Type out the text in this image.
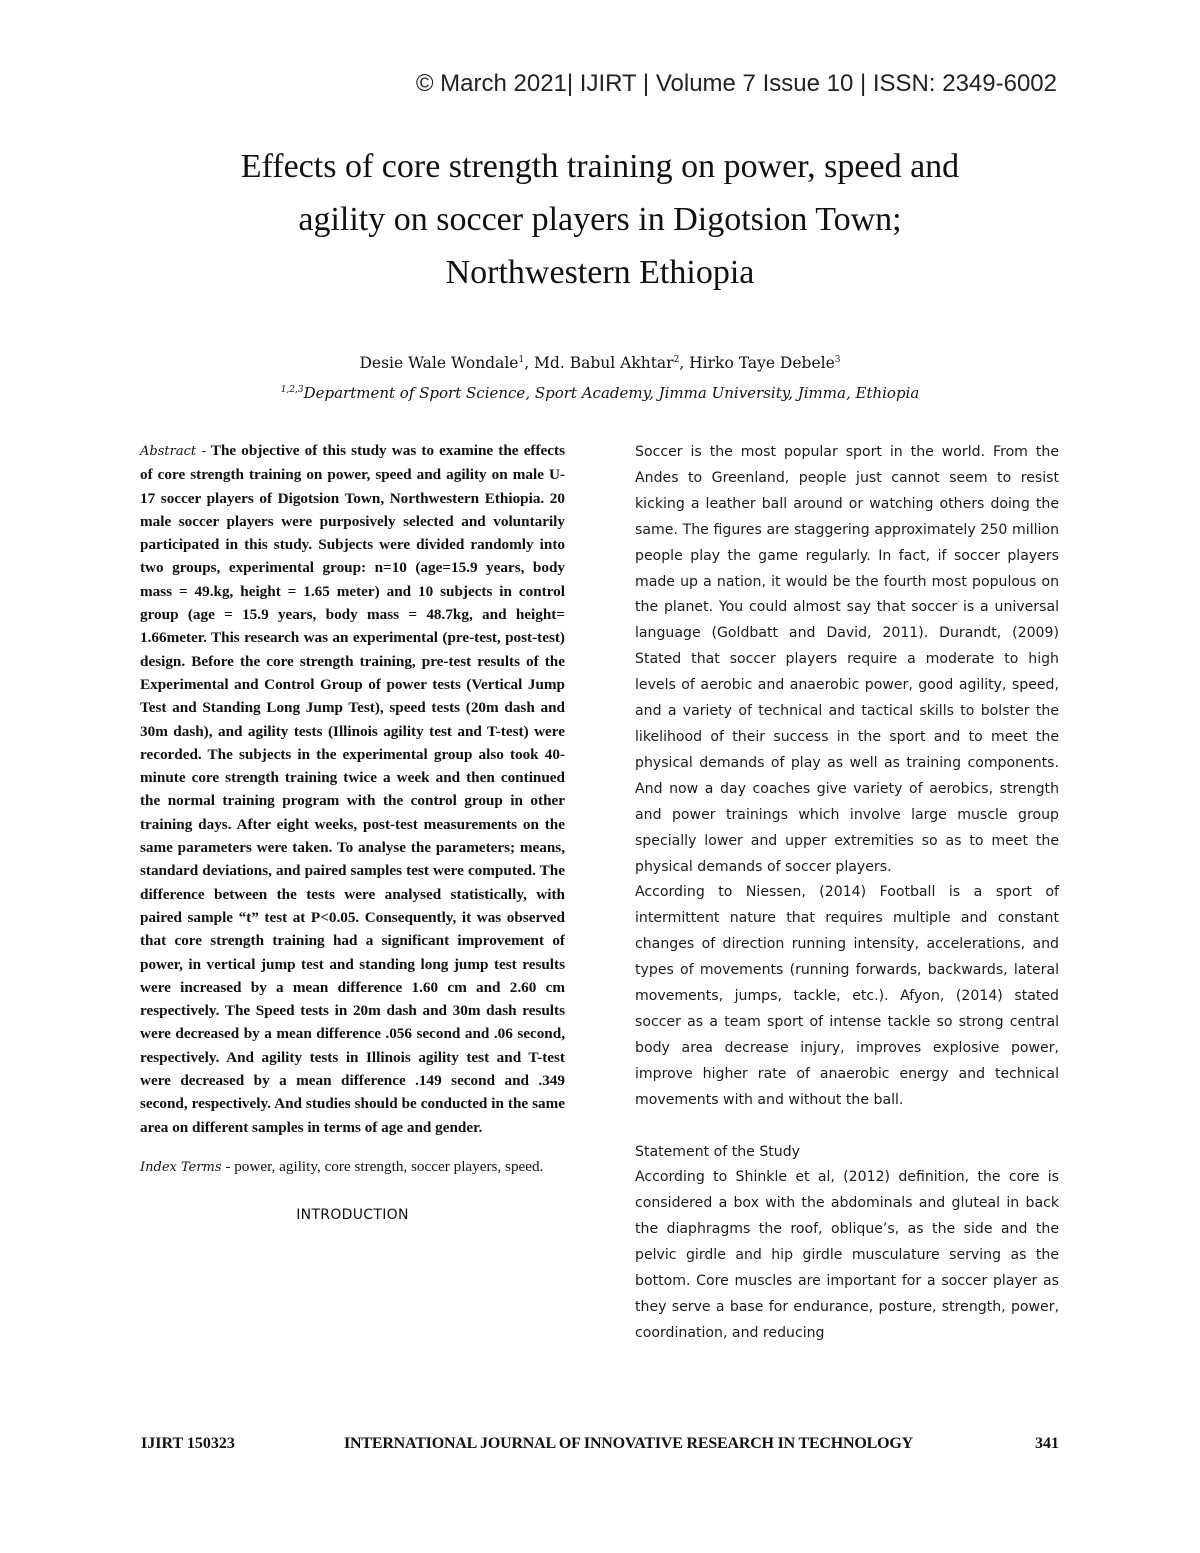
© March 2021| IJIRT | Volume 7 Issue 10 | ISSN: 2349-6002
Effects of core strength training on power, speed and
agility on soccer players in Digotsion Town;
Northwestern Ethiopia
Desie Wale Wondale$^1$, Md. Babul Akhtar$^2$, Hirko Taye Debele$^3$
$^{1,2,3}$Department of Sport Science, Sport Academy, Jimma University, Jimma, Ethiopia

Abstract - The objective of this study was to examine the effects of core strength training on power, speed and agility on male U-17 soccer players of Digotsion Town, Northwestern Ethiopia. 20 male soccer players were purposively selected and voluntarily participated in this study. Subjects were divided randomly into two groups, experimental group: n=10 (age=15.9 years, body mass = 49.kg, height = 1.65 meter) and 10 subjects in control group (age = 15.9 years, body mass = 48.7kg, and height= 1.66meter. This research was an experimental (pre-test, post-test) design. Before the core strength training, pre-test results of the Experimental and Control Group of power tests (Vertical Jump Test and Standing Long Jump Test), speed tests (20m dash and 30m dash), and agility tests (Illinois agility test and T-test) were recorded. The subjects in the experimental group also took 40-minute core strength training twice a week and then continued the normal training program with the control group in other training days. After eight weeks, post-test measurements on the same parameters were taken. To analyse the parameters; means, standard deviations, and paired samples test were computed. The difference between the tests were analysed statistically, with paired sample “t” test at P<0.05. Consequently, it was observed that core strength training had a significant improvement of power, in vertical jump test and standing long jump test results were increased by a mean difference 1.60 cm and 2.60 cm respectively. The Speed tests in 20m dash and 30m dash results were decreased by a mean difference .056 second and .06 second, respectively. And agility tests in Illinois agility test and T-test were decreased by a mean difference .149 second and .349 second, respectively. And studies should be conducted in the same area on different samples in terms of age and gender.

Index Terms - power, agility, core strength, soccer players, speed.

INTRODUCTION

Soccer is the most popular sport in the world. From the Andes to Greenland, people just cannot seem to resist kicking a leather ball around or watching others doing the same. The figures are staggering approximately 250 million people play the game regularly. In fact, if soccer players made up a nation, it would be the fourth most populous on the planet. You could almost say that soccer is a universal language (Goldbatt and David, 2011). Durandt, (2009) Stated that soccer players require a moderate to high levels of aerobic and anaerobic power, good agility, speed, and a variety of technical and tactical skills to bolster the likelihood of their success in the sport and to meet the physical demands of play as well as training components. And now a day coaches give variety of aerobics, strength and power trainings which involve large muscle group specially lower and upper extremities so as to meet the physical demands of soccer players.

According to Niessen, (2014) Football is a sport of intermittent nature that requires multiple and constant changes of direction running intensity, accelerations, and types of movements (running forwards, backwards, lateral movements, jumps, tackle, etc.). Afyon, (2014) stated soccer as a team sport of intense tackle so strong central body area decrease injury, improves explosive power, improve higher rate of anaerobic energy and technical movements with and without the ball.

Statement of the Study

According to Shinkle et al, (2012) definition, the core is considered a box with the abdominals and gluteal in back the diaphragms the roof, oblique’s, as the side and the pelvic girdle and hip girdle musculature serving as the bottom. Core muscles are important for a soccer player as they serve a base for endurance, posture, strength, power, coordination, and reducing

IJIRT 150323	INTERNATIONAL JOURNAL OF INNOVATIVE RESEARCH IN TECHNOLOGY	341
